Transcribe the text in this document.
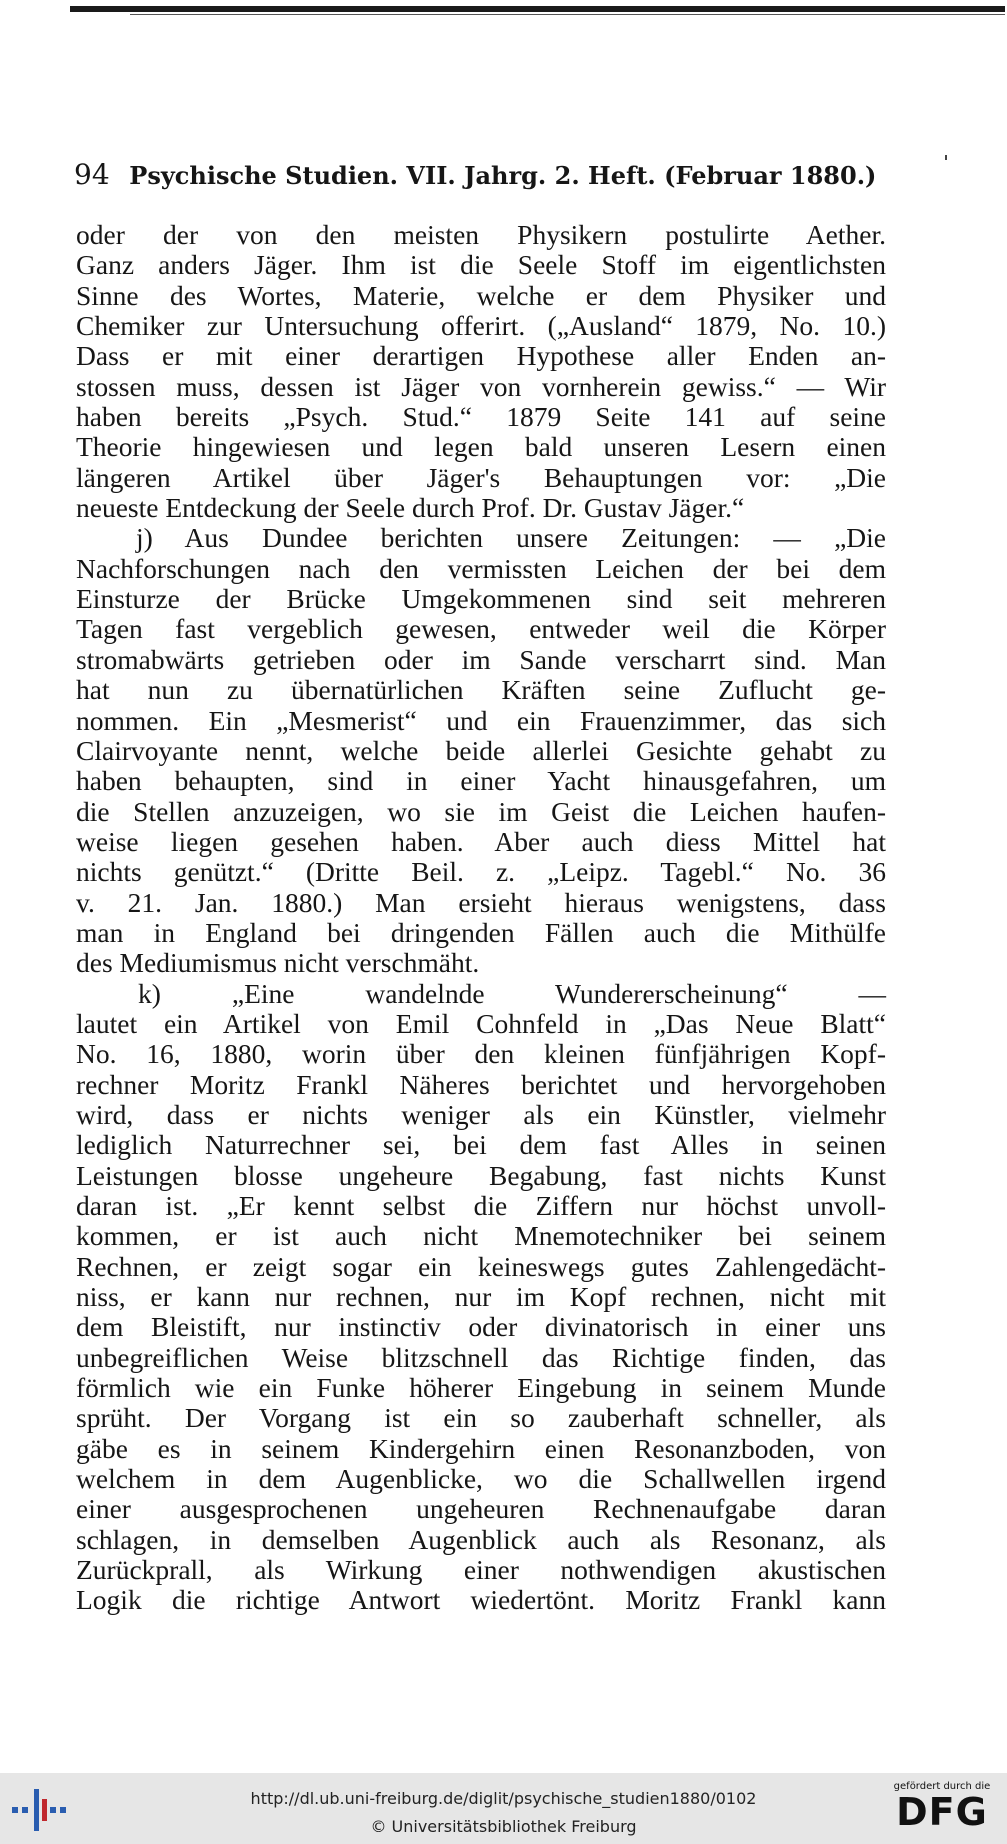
94 Psychische Studien. VII. Jahrg. 2. Heft. (Februar 1880.)
oder der von den meisten Physikern postulirte Aether.
Ganz anders Jäger. Ihm ist die Seele Stoff im eigentlichsten
Sinne des Wortes, Materie, welche er dem Physiker und
Chemiker zur Untersuchung offerirt. („Ausland“ 1879, No. 10.)
Dass er mit einer derartigen Hypothese aller Enden an-
stossen muss, dessen ist Jäger von vornherein gewiss.“ — Wir
haben bereits „Psych. Stud.“ 1879 Seite 141 auf seine
Theorie hingewiesen und legen bald unseren Lesern einen
längeren Artikel über Jäger's Behauptungen vor: „Die
neueste Entdeckung der Seele durch Prof. Dr. Gustav Jäger.“
j) Aus Dundee berichten unsere Zeitungen: — „Die
Nachforschungen nach den vermissten Leichen der bei dem
Einsturze der Brücke Umgekommenen sind seit mehreren
Tagen fast vergeblich gewesen, entweder weil die Körper
stromabwärts getrieben oder im Sande verscharrt sind. Man
hat nun zu übernatürlichen Kräften seine Zuflucht ge-
nommen. Ein „Mesmerist“ und ein Frauenzimmer, das sich
Clairvoyante nennt, welche beide allerlei Gesichte gehabt zu
haben behaupten, sind in einer Yacht hinausgefahren, um
die Stellen anzuzeigen, wo sie im Geist die Leichen haufen-
weise liegen gesehen haben. Aber auch diess Mittel hat
nichts genützt.“ (Dritte Beil. z. „Leipz. Tagebl.“ No. 36
v. 21. Jan. 1880.) Man ersieht hieraus wenigstens, dass
man in England bei dringenden Fällen auch die Mithülfe
des Mediumismus nicht verschmäht.
k) „Eine wandelnde Wundererscheinung“ —
lautet ein Artikel von Emil Cohnfeld in „Das Neue Blatt“
No. 16, 1880, worin über den kleinen fünfjährigen Kopf-
rechner Moritz Frankl Näheres berichtet und hervorgehoben
wird, dass er nichts weniger als ein Künstler, vielmehr
lediglich Naturrechner sei, bei dem fast Alles in seinen
Leistungen blosse ungeheure Begabung, fast nichts Kunst
daran ist. „Er kennt selbst die Ziffern nur höchst unvoll-
kommen, er ist auch nicht Mnemotechniker bei seinem
Rechnen, er zeigt sogar ein keineswegs gutes Zahlengedächt-
niss, er kann nur rechnen, nur im Kopf rechnen, nicht mit
dem Bleistift, nur instinctiv oder divinatorisch in einer uns
unbegreiflichen Weise blitzschnell das Richtige finden, das
förmlich wie ein Funke höherer Eingebung in seinem Munde
sprüht. Der Vorgang ist ein so zauberhaft schneller, als
gäbe es in seinem Kindergehirn einen Resonanzboden, von
welchem in dem Augenblicke, wo die Schallwellen irgend
einer ausgesprochenen ungeheuren Rechnenaufgabe daran
schlagen, in demselben Augenblick auch als Resonanz, als
Zurückprall, als Wirkung einer nothwendigen akustischen
Logik die richtige Antwort wiedertönt. Moritz Frankl kann
http://dl.ub.uni-freiburg.de/diglit/psychische_studien1880/0102
© Universitätsbibliothek Freiburg
gefördert durch die
DFG
